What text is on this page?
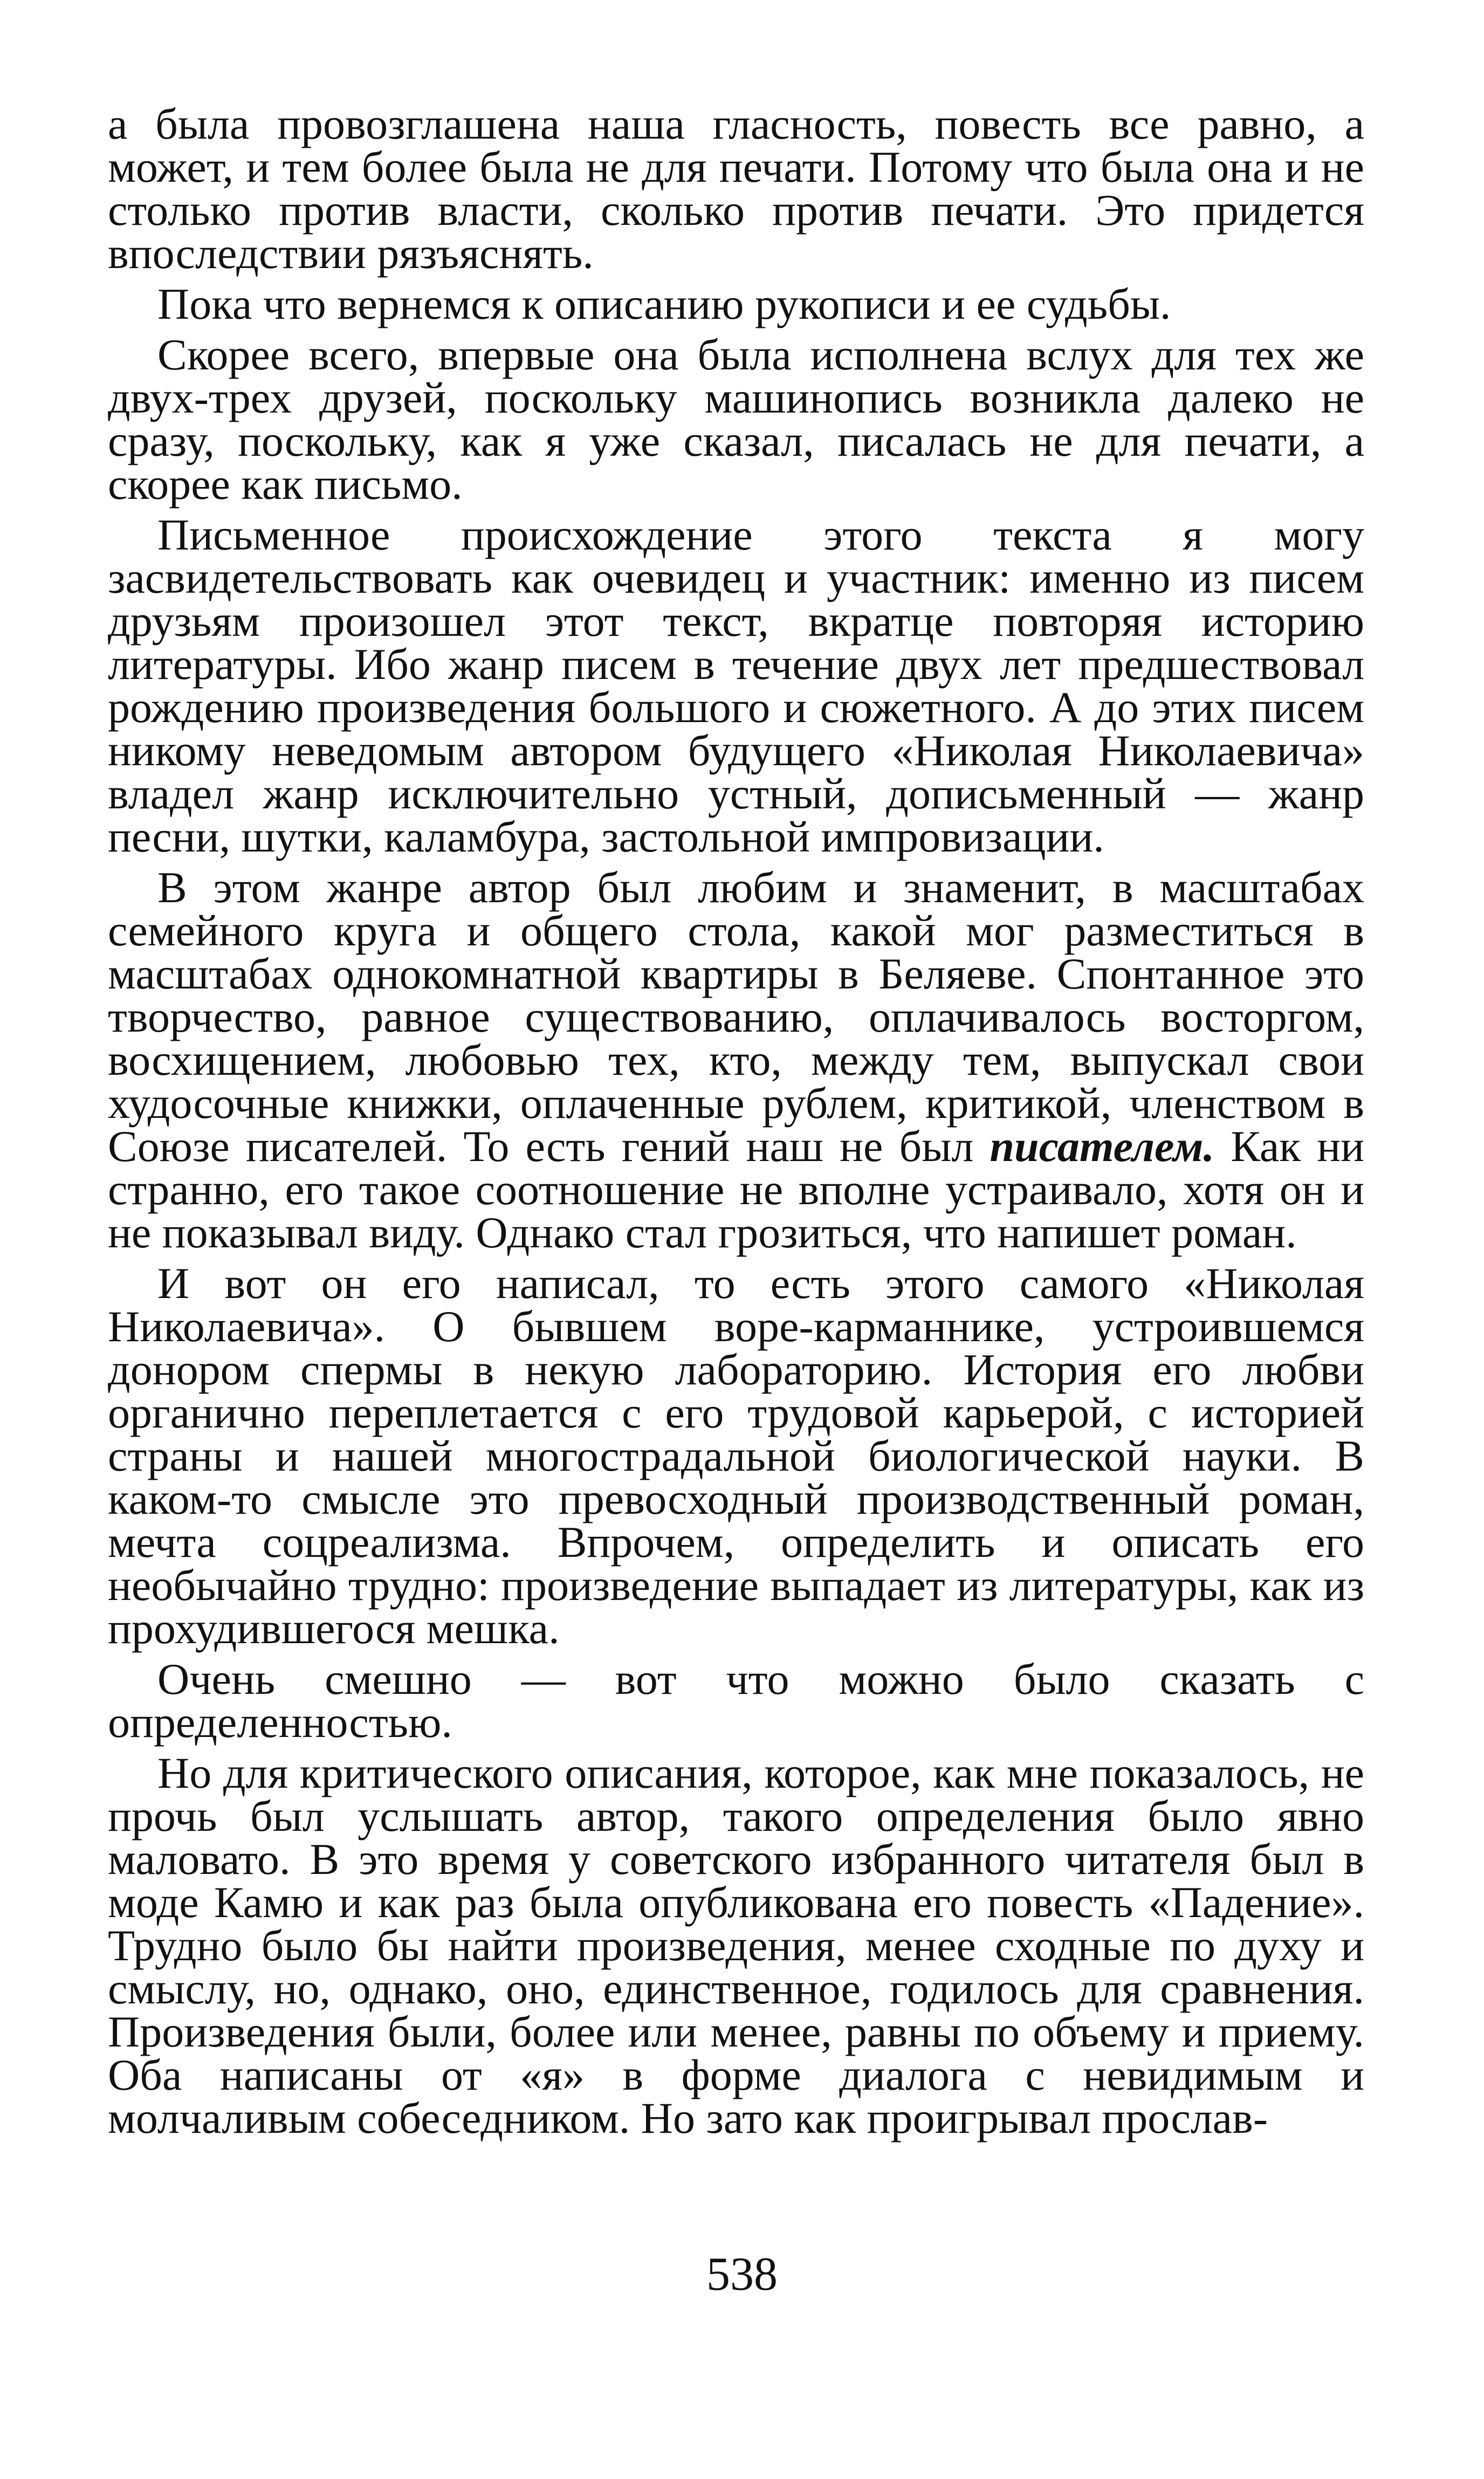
а была провозглашена наша гласность, повесть все равно, а может, и тем более была не для печати. Потому что была она и не столько против власти, сколько против печати. Это придется впоследствии рязъяснять.

Пока что вернемся к описанию рукописи и ее судьбы.

Скорее всего, впервые она была исполнена вслух для тех же двух-трех друзей, поскольку машинопись возникла далеко не сразу, поскольку, как я уже сказал, писалась не для печати, а скорее как письмо.

Письменное происхождение этого текста я могу засвидетельствовать как очевидец и участник: именно из писем друзьям произошел этот текст, вкратце повторяя историю литературы. Ибо жанр писем в течение двух лет предшествовал рождению произведения большого и сюжетного. А до этих писем никому неведомым автором будущего «Николая Николаевича» владел жанр исключительно устный, дописьменный — жанр песни, шутки, каламбура, застольной импровизации.

В этом жанре автор был любим и знаменит, в масштабах семейного круга и общего стола, какой мог разместиться в масштабах однокомнатной квартиры в Беляеве. Спонтанное это творчество, равное существованию, оплачивалось восторгом, восхищением, любовью тех, кто, между тем, выпускал свои худосочные книжки, оплаченные рублем, критикой, членством в Союзе писателей. То есть гений наш не был писателем. Как ни странно, его такое соотношение не вполне устраивало, хотя он и не показывал виду. Однако стал грозиться, что напишет роман.

И вот он его написал, то есть этого самого «Николая Николаевича». О бывшем воре-карманнике, устроившемся донором спермы в некую лабораторию. История его любви органично переплетается с его трудовой карьерой, с историей страны и нашей многострадальной биологической науки. В каком-то смысле это превосходный производственный роман, мечта соцреализма. Впрочем, определить и описать его необычайно трудно: произведение выпадает из литературы, как из прохудившегося мешка.

Очень смешно — вот что можно было сказать с определенностью.

Но для критического описания, которое, как мне показалось, не прочь был услышать автор, такого определения было явно маловато. В это время у советского избранного читателя был в моде Камю и как раз была опубликована его повесть «Падение». Трудно было бы найти произведения, менее сходные по духу и смыслу, но, однако, оно, единственное, годилось для сравнения. Произведения были, более или менее, равны по объему и приему. Оба написаны от «я» в форме диалога с невидимым и молчаливым собеседником. Но зато как проигрывал прослав-

538
